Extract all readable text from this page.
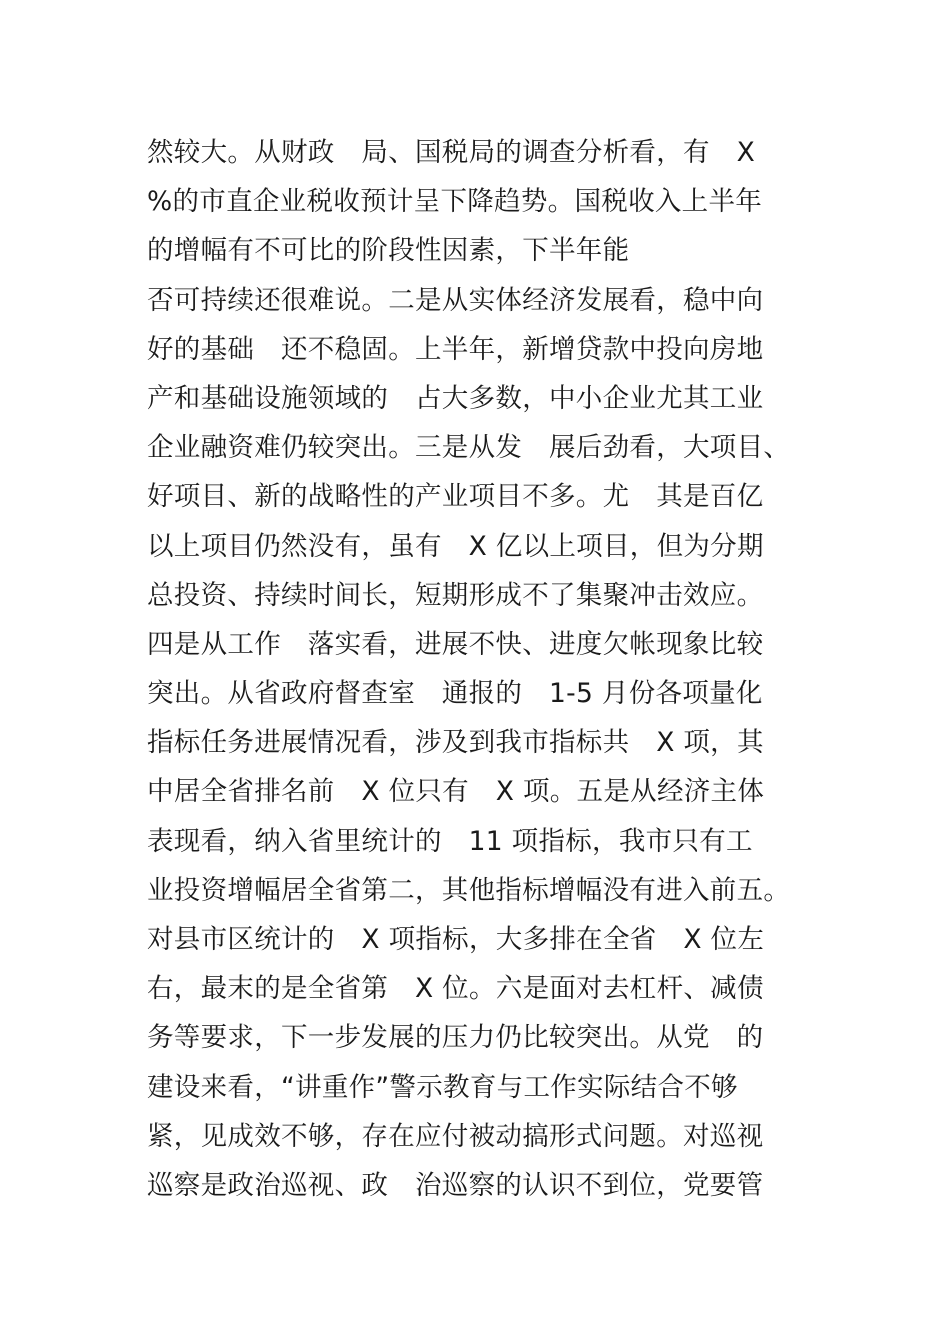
然较大。从财政　局、国税局的调查分析看，有　X
%的市直企业税收预计呈下降趋势。国税收入上半年
的增幅有不可比的阶段性因素，下半年能
否可持续还很难说。二是从实体经济发展看，稳中向
好的基础　还不稳固。上半年，新增贷款中投向房地
产和基础设施领域的　占大多数，中小企业尤其工业
企业融资难仍较突出。三是从发　展后劲看，大项目、
好项目、新的战略性的产业项目不多。尤　其是百亿
以上项目仍然没有，虽有　X 亿以上项目，但为分期
总投资、持续时间长，短期形成不了集聚冲击效应。
四是从工作　落实看，进展不快、进度欠帐现象比较
突出。从省政府督查室　通报的　1-5 月份各项量化
指标任务进展情况看，涉及到我市指标共　X 项，其
中居全省排名前　X 位只有　X 项。五是从经济主体
表现看，纳入省里统计的　11 项指标，我市只有工
业投资增幅居全省第二，其他指标增幅没有进入前五。
对县市区统计的　X 项指标，大多排在全省　X 位左
右，最末的是全省第　X 位。六是面对去杠杆、减债
务等要求，下一步发展的压力仍比较突出。从党　的
建设来看，“讲重作”警示教育与工作实际结合不够
紧，见成效不够，存在应付被动搞形式问题。对巡视
巡察是政治巡视、政　治巡察的认识不到位，党要管
